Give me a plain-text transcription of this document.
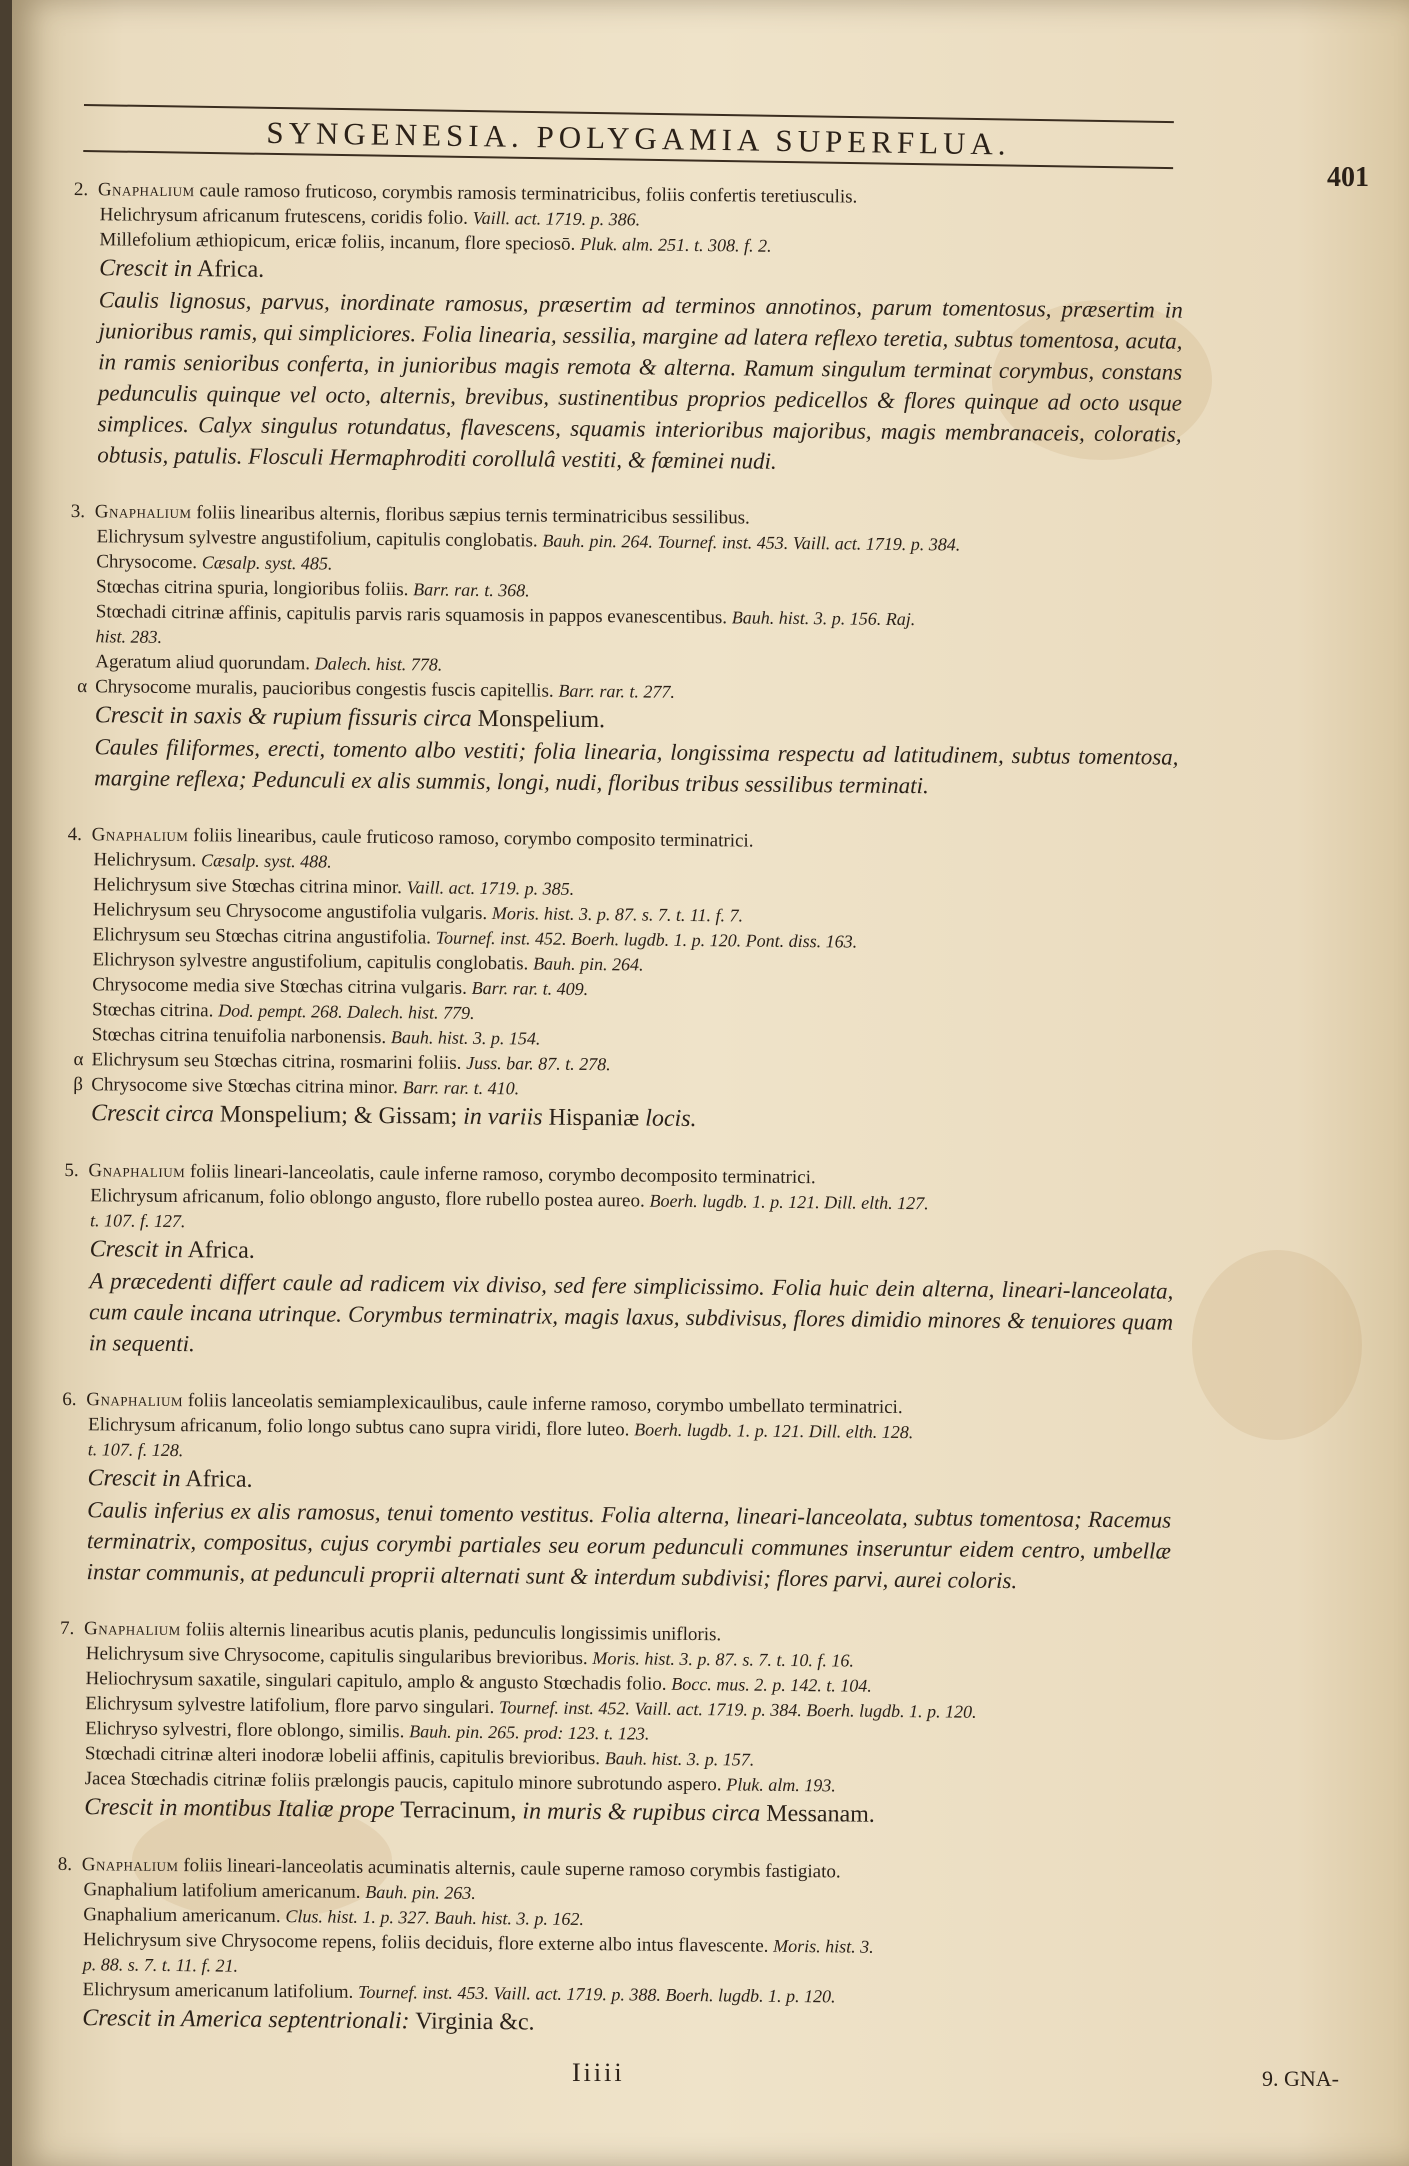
SYNGENESIA. POLYGAMIA SUPERFLUA.
401
2. Gnaphalium caule ramoso fruticoso, corymbis ramosis terminatricibus, foliis confertis teretiusculis.
Helichrysum africanum frutescens, coridis folio. Vaill. act. 1719. p. 386.
Millefolium æthiopicum, ericæ foliis, incanum, flore speciosō. Pluk. alm. 251. t. 308. f. 2.
Crescit in Africa.
Caulis lignosus, parvus, inordinate ramosus, præsertim ad terminos annotinos, parum tomentosus, præsertim in junioribus ramis, qui simpliciores. Folia linearia, sessilia, margine ad latera reflexo teretia, subtus tomentosa, acuta, in ramis senioribus conferta, in junioribus magis remota & alterna. Ramum singulum terminat corymbus, constans pedunculis quinque vel octo, alternis, brevibus, sustinentibus proprios pedicellos & flores quinque ad octo usque simplices. Calyx singulus rotundatus, flavescens, squamis interioribus majoribus, magis membranaceis, coloratis, obtusis, patulis. Flosculi Hermaphroditi corollulâ vestiti, & fœminei nudi.
3. Gnaphalium foliis linearibus alternis, floribus sæpius ternis terminatricibus sessilibus.
Elichrysum sylvestre angustifolium, capitulis conglobatis. Bauh. pin. 264. Tournef. inst. 453. Vaill. act. 1719. p. 384.
Chrysocome. Cæsalp. syst. 485.
Stœchas citrina spuria, longioribus foliis. Barr. rar. t. 368.
Stœchadi citrinæ affinis, capitulis parvis raris squamosis in pappos evanescentibus. Bauh. hist. 3. p. 156. Raj.
hist. 283.
Ageratum aliud quorundam. Dalech. hist. 778.
α Chrysocome muralis, paucioribus congestis fuscis capitellis. Barr. rar. t. 277.
Crescit in saxis & rupium fissuris circa Monspelium.
Caules filiformes, erecti, tomento albo vestiti; folia linearia, longissima respectu ad latitudinem, subtus tomentosa, margine reflexa; Pedunculi ex alis summis, longi, nudi, floribus tribus sessilibus terminati.
4. Gnaphalium foliis linearibus, caule fruticoso ramoso, corymbo composito terminatrici.
Helichrysum. Cæsalp. syst. 488.
Helichrysum sive Stœchas citrina minor. Vaill. act. 1719. p. 385.
Helichrysum seu Chrysocome angustifolia vulgaris. Moris. hist. 3. p. 87. s. 7. t. 11. f. 7.
Elichrysum seu Stœchas citrina angustifolia. Tournef. inst. 452. Boerh. lugdb. 1. p. 120. Pont. diss. 163.
Elichryson sylvestre angustifolium, capitulis conglobatis. Bauh. pin. 264.
Chrysocome media sive Stœchas citrina vulgaris. Barr. rar. t. 409.
Stœchas citrina. Dod. pempt. 268. Dalech. hist. 779.
Stœchas citrina tenuifolia narbonensis. Bauh. hist. 3. p. 154.
α Elichrysum seu Stœchas citrina, rosmarini foliis. Juss. bar. 87. t. 278.
β Chrysocome sive Stœchas citrina minor. Barr. rar. t. 410.
Crescit circa Monspelium; & Gissam; in variis Hispaniæ locis.
5. Gnaphalium foliis lineari-lanceolatis, caule inferne ramoso, corymbo decomposito terminatrici.
Elichrysum africanum, folio oblongo angusto, flore rubello postea aureo. Boerh. lugdb. 1. p. 121. Dill. elth. 127.
t. 107. f. 127.
Crescit in Africa.
A præcedenti differt caule ad radicem vix diviso, sed fere simplicissimo. Folia huic dein alterna, lineari-lanceolata, cum caule incana utrinque. Corymbus terminatrix, magis laxus, subdivisus, flores dimidio minores & tenuiores quam in sequenti.
6. Gnaphalium foliis lanceolatis semiamplexicaulibus, caule inferne ramoso, corymbo umbellato terminatrici.
Elichrysum africanum, folio longo subtus cano supra viridi, flore luteo. Boerh. lugdb. 1. p. 121. Dill. elth. 128.
t. 107. f. 128.
Crescit in Africa.
Caulis inferius ex alis ramosus, tenui tomento vestitus. Folia alterna, lineari-lanceolata, subtus tomentosa; Racemus terminatrix, compositus, cujus corymbi partiales seu eorum pedunculi communes inseruntur eidem centro, umbellæ instar communis, at pedunculi proprii alternati sunt & interdum subdivisi; flores parvi, aurei coloris.
7. Gnaphalium foliis alternis linearibus acutis planis, pedunculis longissimis unifloris.
Helichrysum sive Chrysocome, capitulis singularibus brevioribus. Moris. hist. 3. p. 87. s. 7. t. 10. f. 16.
Heliochrysum saxatile, singulari capitulo, amplo & angusto Stœchadis folio. Bocc. mus. 2. p. 142. t. 104.
Elichrysum sylvestre latifolium, flore parvo singulari. Tournef. inst. 452. Vaill. act. 1719. p. 384. Boerh. lugdb. 1. p. 120.
Elichryso sylvestri, flore oblongo, similis. Bauh. pin. 265. prod: 123. t. 123.
Stœchadi citrinæ alteri inodoræ lobelii affinis, capitulis brevioribus. Bauh. hist. 3. p. 157.
Jacea Stœchadis citrinæ foliis prælongis paucis, capitulo minore subrotundo aspero. Pluk. alm. 193.
Crescit in montibus Italiæ prope Terracinum, in muris & rupibus circa Messanam.
8. Gnaphalium foliis lineari-lanceolatis acuminatis alternis, caule superne ramoso corymbis fastigiato.
Gnaphalium latifolium americanum. Bauh. pin. 263.
Gnaphalium americanum. Clus. hist. 1. p. 327. Bauh. hist. 3. p. 162.
Helichrysum sive Chrysocome repens, foliis deciduis, flore externe albo intus flavescente. Moris. hist. 3.
p. 88. s. 7. t. 11. f. 21.
Elichrysum americanum latifolium. Tournef. inst. 453. Vaill. act. 1719. p. 388. Boerh. lugdb. 1. p. 120.
Crescit in America septentrionali: Virginia &c.
Iiiii	9. GNA-
